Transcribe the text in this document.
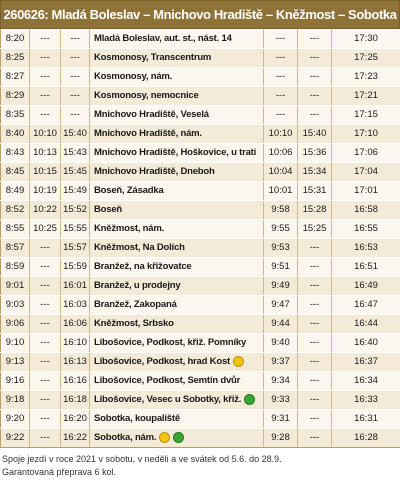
260626: Mladá Boleslav – Mnichovo Hradiště – Kněžmost – Sobotka
8:20	---	---	Mladá Boleslav, aut. st., nást. 14	---	---	17:30
8:25	---	---	Kosmonosy, Transcentrum	---	---	17:25
8:27	---	---	Kosmonosy, nám.	---	---	17:23
8:29	---	---	Kosmonosy, nemocnice	---	---	17:21
8:35	---	---	Mnichovo Hradiště, Veselá	---	---	17:15
8:40	10:10	15:40	Mnichovo Hradiště, nám.	10:10	15:40	17:10
8:43	10:13	15:43	Mnichovo Hradiště, Hoškovice, u trati	10:06	15:36	17:06
8:45	10:15	15:45	Mnichovo Hradiště, Dneboh	10:04	15:34	17:04
8:49	10:19	15:49	Boseň, Zásadka	10:01	15:31	17:01
8:52	10:22	15:52	Boseň	9:58	15:28	16:58
8:55	10:25	15:55	Kněžmost, nám.	9:55	15:25	16:55
8:57	---	15:57	Kněžmost, Na Dolích	9:53	---	16:53
8:59	---	15:59	Branžež, na křižovatce	9:51	---	16:51
9:01	---	16:01	Branžež, u prodejny	9:49	---	16:49
9:03	---	16:03	Branžež, Zakopaná	9:47	---	16:47
9:06	---	16:06	Kněžmost, Srbsko	9:44	---	16:44
9:10	---	16:10	Libošovice, Podkost, křiž. Pomníky	9:40	---	16:40
9:13	---	16:13	Libošovice, Podkost, hrad Kost	9:37	---	16:37
9:16	---	16:16	Libošovice, Podkost, Semtín dvůr	9:34	---	16:34
9:18	---	16:18	Libošovice, Vesec u Sobotky, křiž.	9:33	---	16:33
9:20	---	16:20	Sobotka, koupaliště	9:31	---	16:31
9:22	---	16:22	Sobotka, nám.	9:28	---	16:28
Spoje jezdí v roce 2021 v sobotu, v neděli a ve svátek od 5.6. do 28.9.
Garantovaná přeprava 6 kol.
